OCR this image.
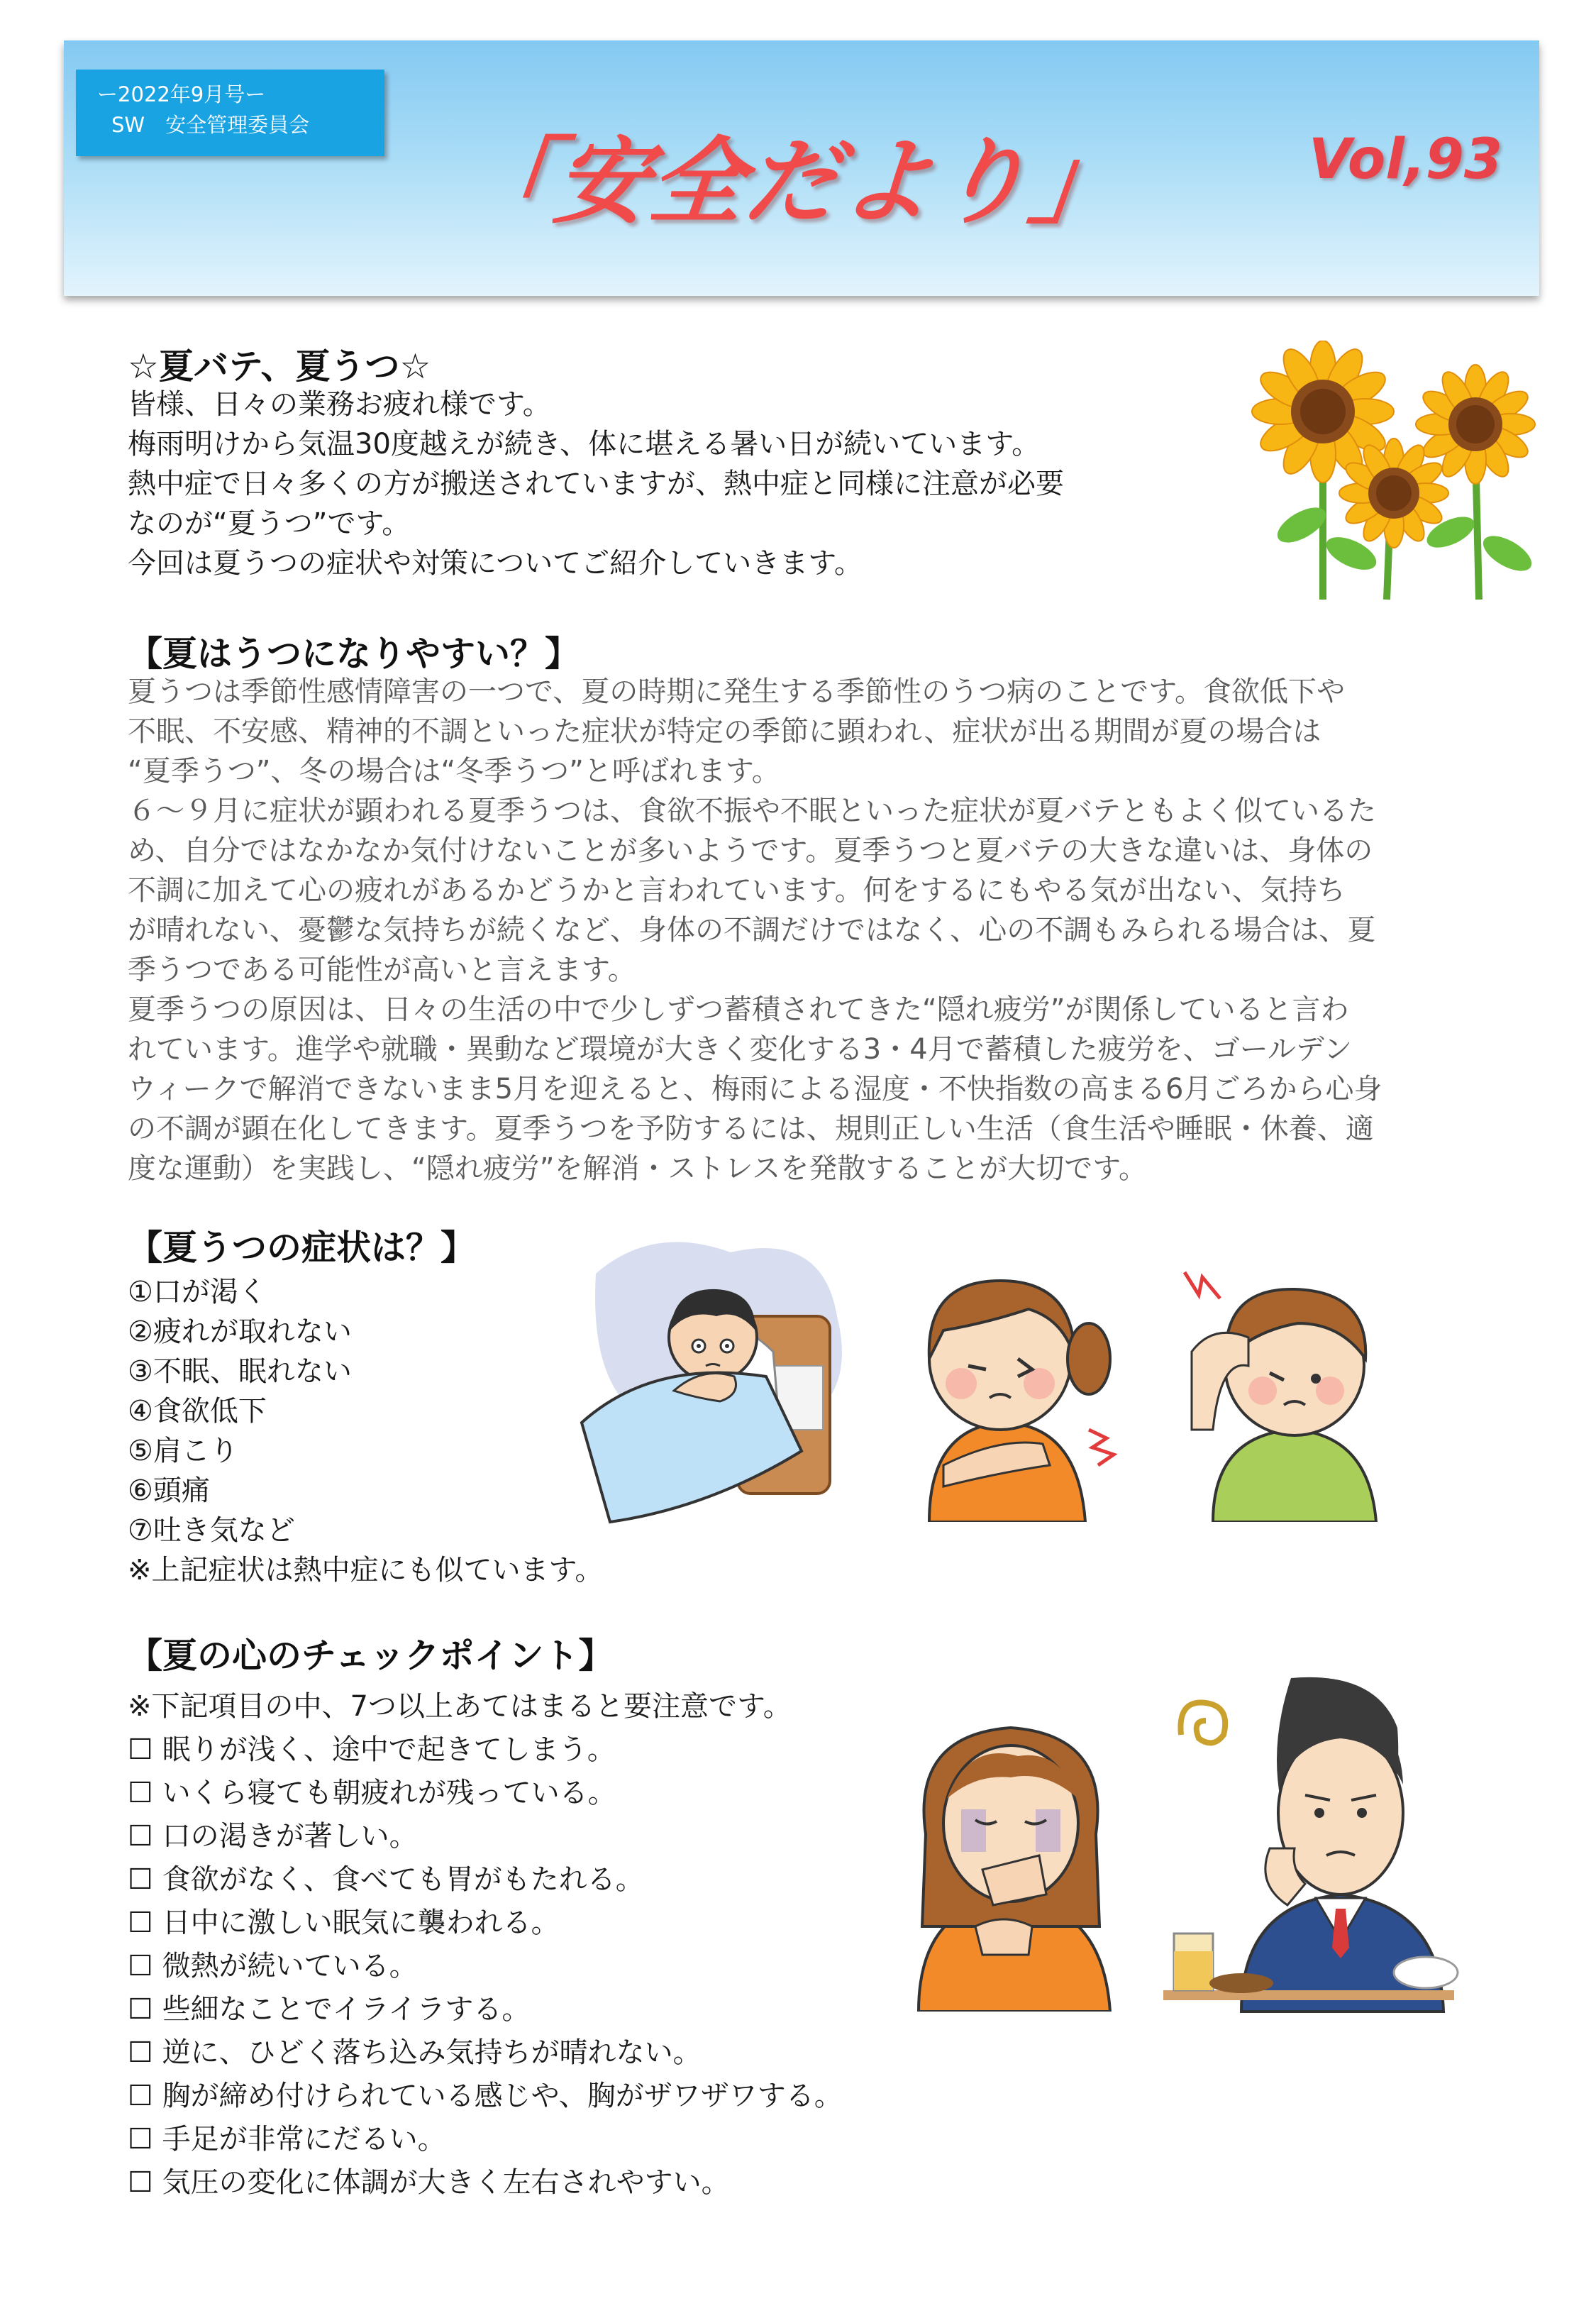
ー2022年9月号ー
SW　安全管理委員会
「安全だより」	Vol,93
☆夏バテ、夏うつ☆
皆様、日々の業務お疲れ様です。
梅雨明けから気温30度越えが続き、体に堪える暑い日が続いています。
熱中症で日々多くの方が搬送されていますが、熱中症と同様に注意が必要
なのが“夏うつ”です。
今回は夏うつの症状や対策についてご紹介していきます。
【夏はうつになりやすい？】
夏うつは季節性感情障害の一つで、夏の時期に発生する季節性のうつ病のことです。食欲低下や
不眠、不安感、精神的不調といった症状が特定の季節に顕われ、症状が出る期間が夏の場合は
“夏季うつ”、冬の場合は“冬季うつ”と呼ばれます。
６～９月に症状が顕われる夏季うつは、食欲不振や不眠といった症状が夏バテともよく似ているた
め、自分ではなかなか気付けないことが多いようです。夏季うつと夏バテの大きな違いは、身体の
不調に加えて心の疲れがあるかどうかと言われています。何をするにもやる気が出ない、気持ち
が晴れない、憂鬱な気持ちが続くなど、身体の不調だけではなく、心の不調もみられる場合は、夏
季うつである可能性が高いと言えます。
夏季うつの原因は、日々の生活の中で少しずつ蓄積されてきた“隠れ疲労”が関係していると言わ
れています。進学や就職・異動など環境が大きく変化する3・4月で蓄積した疲労を、ゴールデン
ウィークで解消できないまま5月を迎えると、梅雨による湿度・不快指数の高まる6月ごろから心身
の不調が顕在化してきます。夏季うつを予防するには、規則正しい生活（食生活や睡眠・休養、適
度な運動）を実践し、“隠れ疲労”を解消・ストレスを発散することが大切です。
【夏うつの症状は？】
①口が渇く
②疲れが取れない
③不眠、眠れない
④食欲低下
⑤肩こり
⑥頭痛
⑦吐き気など
※上記症状は熱中症にも似ています。
【夏の心のチェックポイント】
※下記項目の中、7つ以上あてはまると要注意です。
☐ 眠りが浅く、途中で起きてしまう。
☐ いくら寝ても朝疲れが残っている。
☐ 口の渇きが著しい。
☐ 食欲がなく、食べても胃がもたれる。
☐ 日中に激しい眠気に襲われる。
☐ 微熱が続いている。
☐ 些細なことでイライラする。
☐ 逆に、ひどく落ち込み気持ちが晴れない。
☐ 胸が締め付けられている感じや、胸がザワザワする。
☐ 手足が非常にだるい。
☐ 気圧の変化に体調が大きく左右されやすい。
